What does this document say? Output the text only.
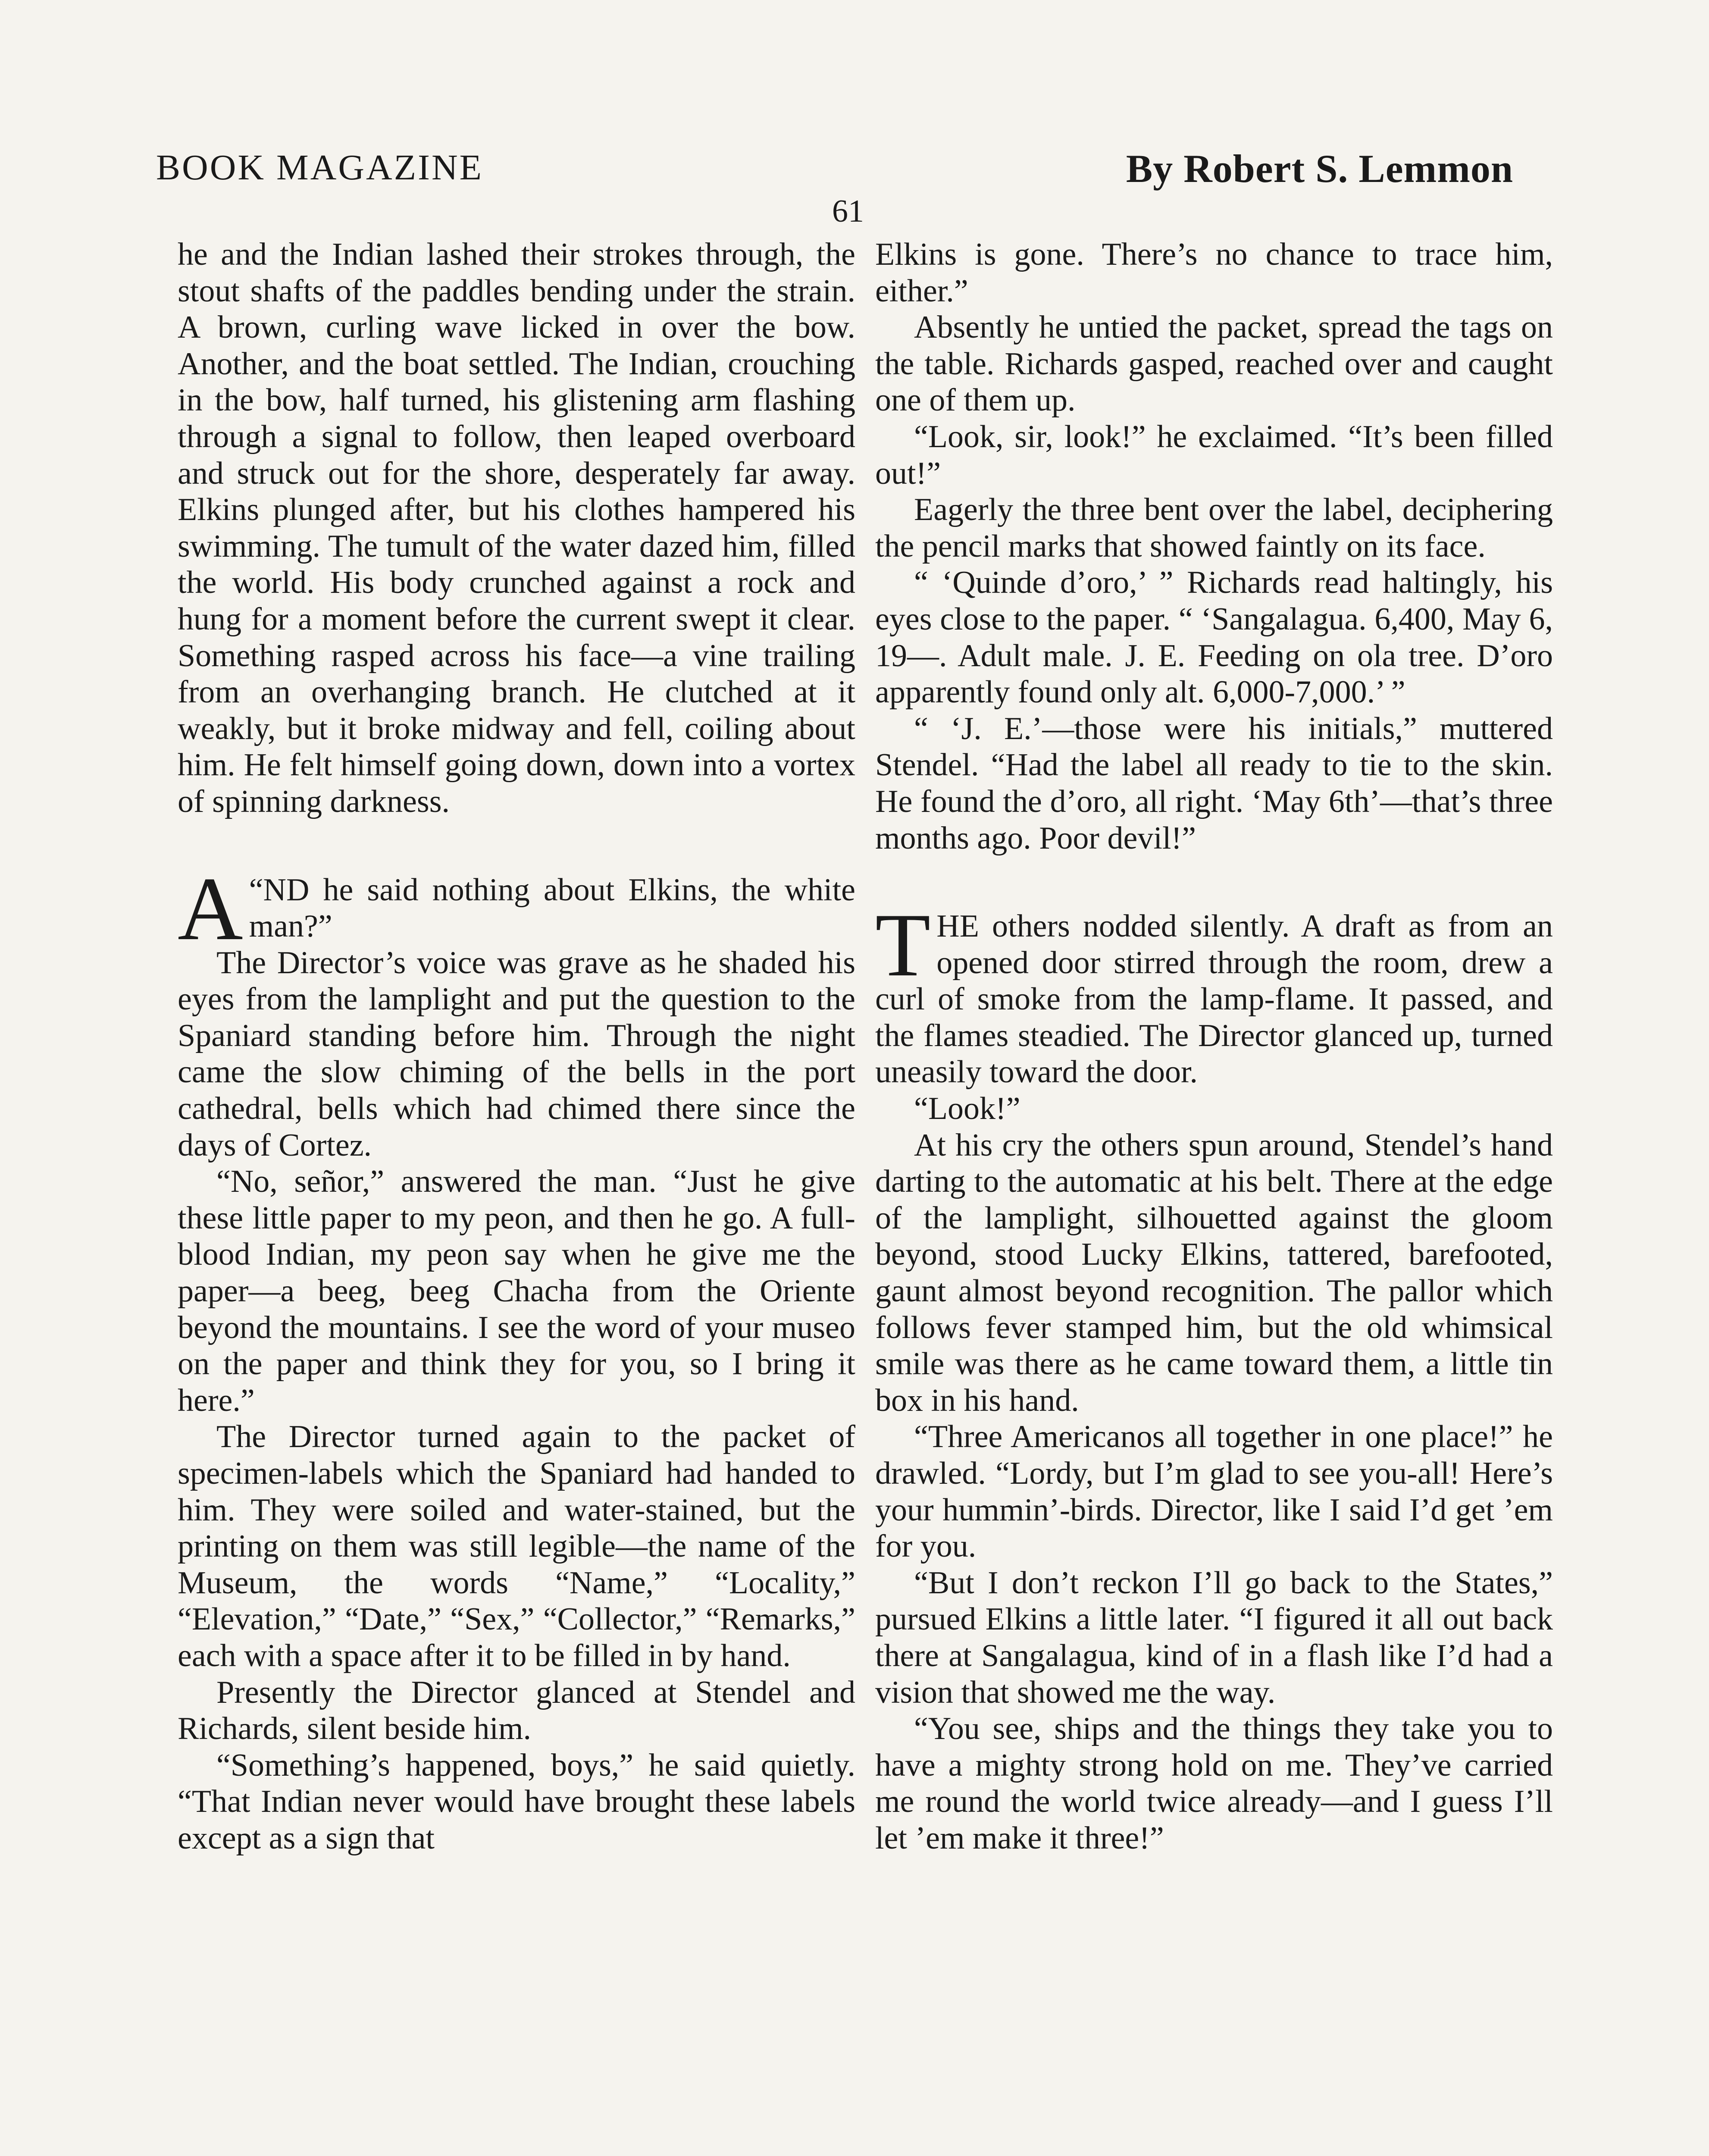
BOOK MAGAZINE	By Robert S. Lemmon
61

he and the Indian lashed their strokes through, the stout shafts of the paddles bending under the strain. A brown, curling wave licked in over the bow. Another, and the boat settled. The Indian, crouching in the bow, half turned, his glistening arm flashing through a signal to follow, then leaped overboard and struck out for the shore, desperately far away. Elkins plunged after, but his clothes hampered his swimming. The tumult of the water dazed him, filled the world. His body crunched against a rock and hung for a moment before the current swept it clear. Something rasped across his face—a vine trailing from an overhanging branch. He clutched at it weakly, but it broke midway and fell, coiling about him. He felt himself going down, down into a vortex of spinning darkness.

“
A ND he said nothing about Elkins, the white man?”

The Director’s voice was grave as he shaded his eyes from the lamplight and put the question to the Spaniard standing before him. Through the night came the slow chiming of the bells in the port cathedral, bells which had chimed there since the days of Cortez.

“No, señor,” answered the man. “Just he give these little paper to my peon, and then he go. A full-blood Indian, my peon say when he give me the paper—a beeg, beeg Chacha from the Oriente beyond the mountains. I see the word of your museo on the paper and think they for you, so I bring it here.”

The Director turned again to the packet of specimen-labels which the Spaniard had handed to him. They were soiled and water-stained, but the printing on them was still legible—the name of the Museum, the words “Name,” “Locality,” “Elevation,” “Date,” “Sex,” “Collector,” “Remarks,” each with a space after it to be filled in by hand.

Presently the Director glanced at Stendel and Richards, silent beside him.

“Something’s happened, boys,” he said quietly. “That Indian never would have brought these labels except as a sign that

Elkins is gone. There’s no chance to trace him, either.”

Absently he untied the packet, spread the tags on the table. Richards gasped, reached over and caught one of them up.

“Look, sir, look!” he exclaimed. “It’s been filled out!”

Eagerly the three bent over the label, deciphering the pencil marks that showed faintly on its face.

“ ‘Quinde d’oro,’ ” Richards read haltingly, his eyes close to the paper. “ ‘Sangalagua. 6,400, May 6, 19—. Adult male. J. E. Feeding on ola tree. D’oro apparently found only alt. 6,000-7,000.’ ”

“ ‘J. E.’—those were his initials,” muttered Stendel. “Had the label all ready to tie to the skin. He found the d’oro, all right. ‘May 6th’—that’s three months ago. Poor devil!”

THE others nodded silently. A draft as from an opened door stirred through the room, drew a curl of smoke from the lamp-flame. It passed, and the flames steadied. The Director glanced up, turned uneasily toward the door.

“Look!”

At his cry the others spun around, Stendel’s hand darting to the automatic at his belt. There at the edge of the lamplight, silhouetted against the gloom beyond, stood Lucky Elkins, tattered, barefooted, gaunt almost beyond recognition. The pallor which follows fever stamped him, but the old whimsical smile was there as he came toward them, a little tin box in his hand.

“Three Americanos all together in one place!” he drawled. “Lordy, but I’m glad to see you-all! Here’s your hummin’-birds. Director, like I said I’d get ’em for you.

“But I don’t reckon I’ll go back to the States,” pursued Elkins a little later. “I figured it all out back there at Sangalagua, kind of in a flash like I’d had a vision that showed me the way.

“You see, ships and the things they take you to have a mighty strong hold on me. They’ve carried me round the world twice already—and I guess I’ll let ’em make it three!”
